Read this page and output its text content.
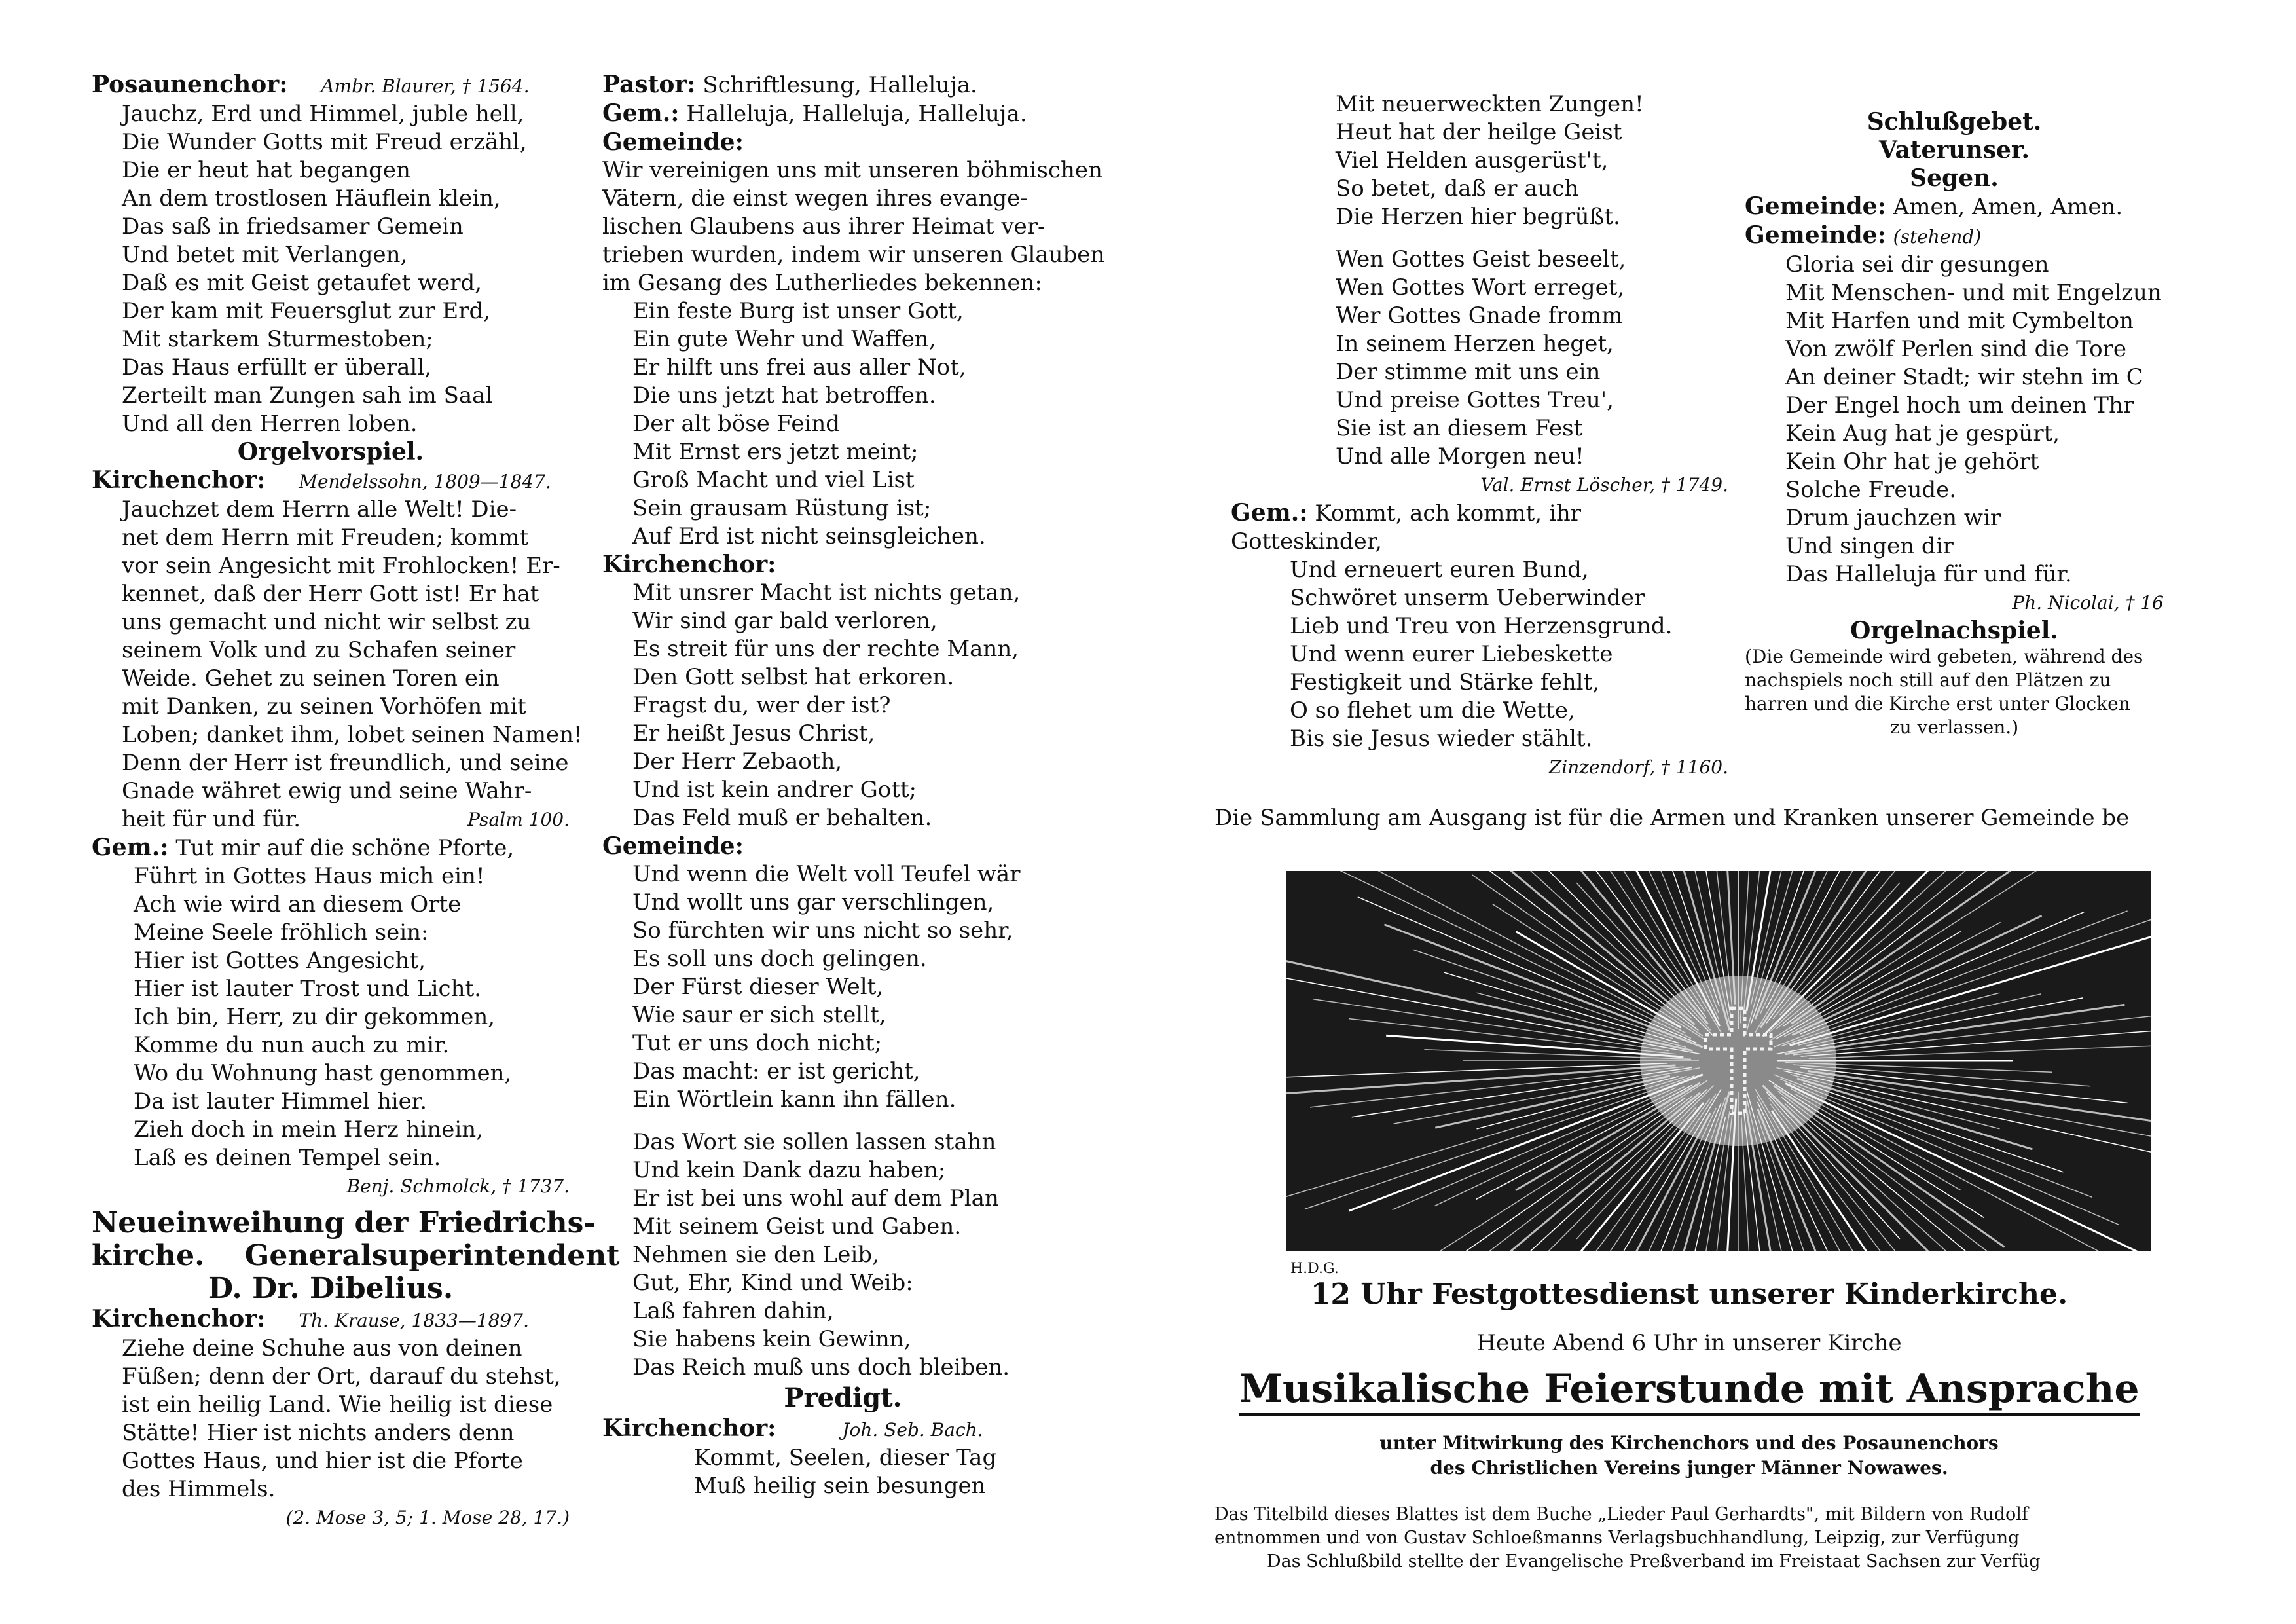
Posaunenchor: Ambr. Blaurer, † 1564.
Jauchz, Erd und Himmel, juble hell,
Die Wunder Gotts mit Freud erzähl,
Die er heut hat begangen
An dem trostlosen Häuflein klein,
Das saß in friedsamer Gemein
Und betet mit Verlangen,
Daß es mit Geist getaufet werd,
Der kam mit Feuersglut zur Erd,
Mit starkem Sturmestoben;
Das Haus erfüllt er überall,
Zerteilt man Zungen sah im Saal
Und all den Herren loben.
Orgelvorspiel.
Kirchenchor: Mendelssohn, 1809—1847.
Jauchzet dem Herrn alle Welt! Die-
net dem Herrn mit Freuden; kommt
vor sein Angesicht mit Frohlocken! Er-
kennet, daß der Herr Gott ist! Er hat
uns gemacht und nicht wir selbst zu
seinem Volk und zu Schafen seiner
Weide. Gehet zu seinen Toren ein
mit Danken, zu seinen Vorhöfen mit
Loben; danket ihm, lobet seinen Namen!
Denn der Herr ist freundlich, und seine
Gnade währet ewig und seine Wahr-
heit für und für.	Psalm 100.
Gem.: Tut mir auf die schöne Pforte,
Führt in Gottes Haus mich ein!
Ach wie wird an diesem Orte
Meine Seele fröhlich sein:
Hier ist Gottes Angesicht,
Hier ist lauter Trost und Licht.
Ich bin, Herr, zu dir gekommen,
Komme du nun auch zu mir.
Wo du Wohnung hast genommen,
Da ist lauter Himmel hier.
Zieh doch in mein Herz hinein,
Laß es deinen Tempel sein.
Benj. Schmolck, † 1737.
Neueinweihung der Friedrichs-
kirche.    Generalsuperintendent
D. Dr. Dibelius.
Kirchenchor: Th. Krause, 1833—1897.
Ziehe deine Schuhe aus von deinen
Füßen; denn der Ort, darauf du stehst,
ist ein heilig Land. Wie heilig ist diese
Stätte! Hier ist nichts anders denn
Gottes Haus, und hier ist die Pforte
des Himmels.
(2. Mose 3, 5; 1. Mose 28, 17.)
Pastor: Schriftlesung, Halleluja.
Gem.: Halleluja, Halleluja, Halleluja.
Gemeinde:
Wir vereinigen uns mit unseren böhmischen
Vätern, die einst wegen ihres evange-
lischen Glaubens aus ihrer Heimat ver-
trieben wurden, indem wir unseren Glauben
im Gesang des Lutherliedes bekennen:
Ein feste Burg ist unser Gott,
Ein gute Wehr und Waffen,
Er hilft uns frei aus aller Not,
Die uns jetzt hat betroffen.
Der alt böse Feind
Mit Ernst ers jetzt meint;
Groß Macht und viel List
Sein grausam Rüstung ist;
Auf Erd ist nicht seinsgleichen.
Kirchenchor:
Mit unsrer Macht ist nichts getan,
Wir sind gar bald verloren,
Es streit für uns der rechte Mann,
Den Gott selbst hat erkoren.
Fragst du, wer der ist?
Er heißt Jesus Christ,
Der Herr Zebaoth,
Und ist kein andrer Gott;
Das Feld muß er behalten.
Gemeinde:
Und wenn die Welt voll Teufel wär
Und wollt uns gar verschlingen,
So fürchten wir uns nicht so sehr,
Es soll uns doch gelingen.
Der Fürst dieser Welt,
Wie saur er sich stellt,
Tut er uns doch nicht;
Das macht: er ist gericht,
Ein Wörtlein kann ihn fällen.
Das Wort sie sollen lassen stahn
Und kein Dank dazu haben;
Er ist bei uns wohl auf dem Plan
Mit seinem Geist und Gaben.
Nehmen sie den Leib,
Gut, Ehr, Kind und Weib:
Laß fahren dahin,
Sie habens kein Gewinn,
Das Reich muß uns doch bleiben.
Predigt.
Kirchenchor:	Joh. Seb. Bach.
Kommt, Seelen, dieser Tag
Muß heilig sein besungen
Mit neuerweckten Zungen!
Heut hat der heilge Geist
Viel Helden ausgerüst't,
So betet, daß er auch
Die Herzen hier begrüßt.
Wen Gottes Geist beseelt,
Wen Gottes Wort erreget,
Wer Gottes Gnade fromm
In seinem Herzen heget,
Der stimme mit uns ein
Und preise Gottes Treu',
Sie ist an diesem Fest
Und alle Morgen neu!
Val. Ernst Löscher, † 1749.
Gem.: Kommt, ach kommt, ihr Gotteskinder,
Und erneuert euren Bund,
Schwöret unserm Ueberwinder
Lieb und Treu von Herzensgrund.
Und wenn eurer Liebeskette
Festigkeit und Stärke fehlt,
O so flehet um die Wette,
Bis sie Jesus wieder stählt.
Zinzendorf, † 1160.
Schlußgebet.
Vaterunser.
Segen.
Gemeinde: Amen, Amen, Amen.
Gemeinde: (stehend)
Gloria sei dir gesungen
Mit Menschen- und mit Engelzun
Mit Harfen und mit Cymbelton
Von zwölf Perlen sind die Tore
An deiner Stadt; wir stehn im C
Der Engel hoch um deinen Thr
Kein Aug hat je gespürt,
Kein Ohr hat je gehört
Solche Freude.
Drum jauchzen wir
Und singen dir
Das Halleluja für und für.
Ph. Nicolai, † 16
Orgelnachspiel.
(Die Gemeinde wird gebeten, während des
nachspiels noch still auf den Plätzen zu
harren und die Kirche erst unter Glocken
zu verlassen.)
Die Sammlung am Ausgang ist für die Armen und Kranken unserer Gemeinde be
H.D.G.
12 Uhr Festgottesdienst unserer Kinderkirche.
Heute Abend 6 Uhr in unserer Kirche
Musikalische Feierstunde mit Ansprache
unter Mitwirkung des Kirchenchors und des Posaunenchors
des Christlichen Vereins junger Männer Nowawes.
Das Titelbild dieses Blattes ist dem Buche „Lieder Paul Gerhardts", mit Bildern von Rudolf
entnommen und von Gustav Schloeßmanns Verlagsbuchhandlung, Leipzig, zur Verfügung
Das Schlußbild stellte der Evangelische Preßverband im Freistaat Sachsen zur Verfüg
